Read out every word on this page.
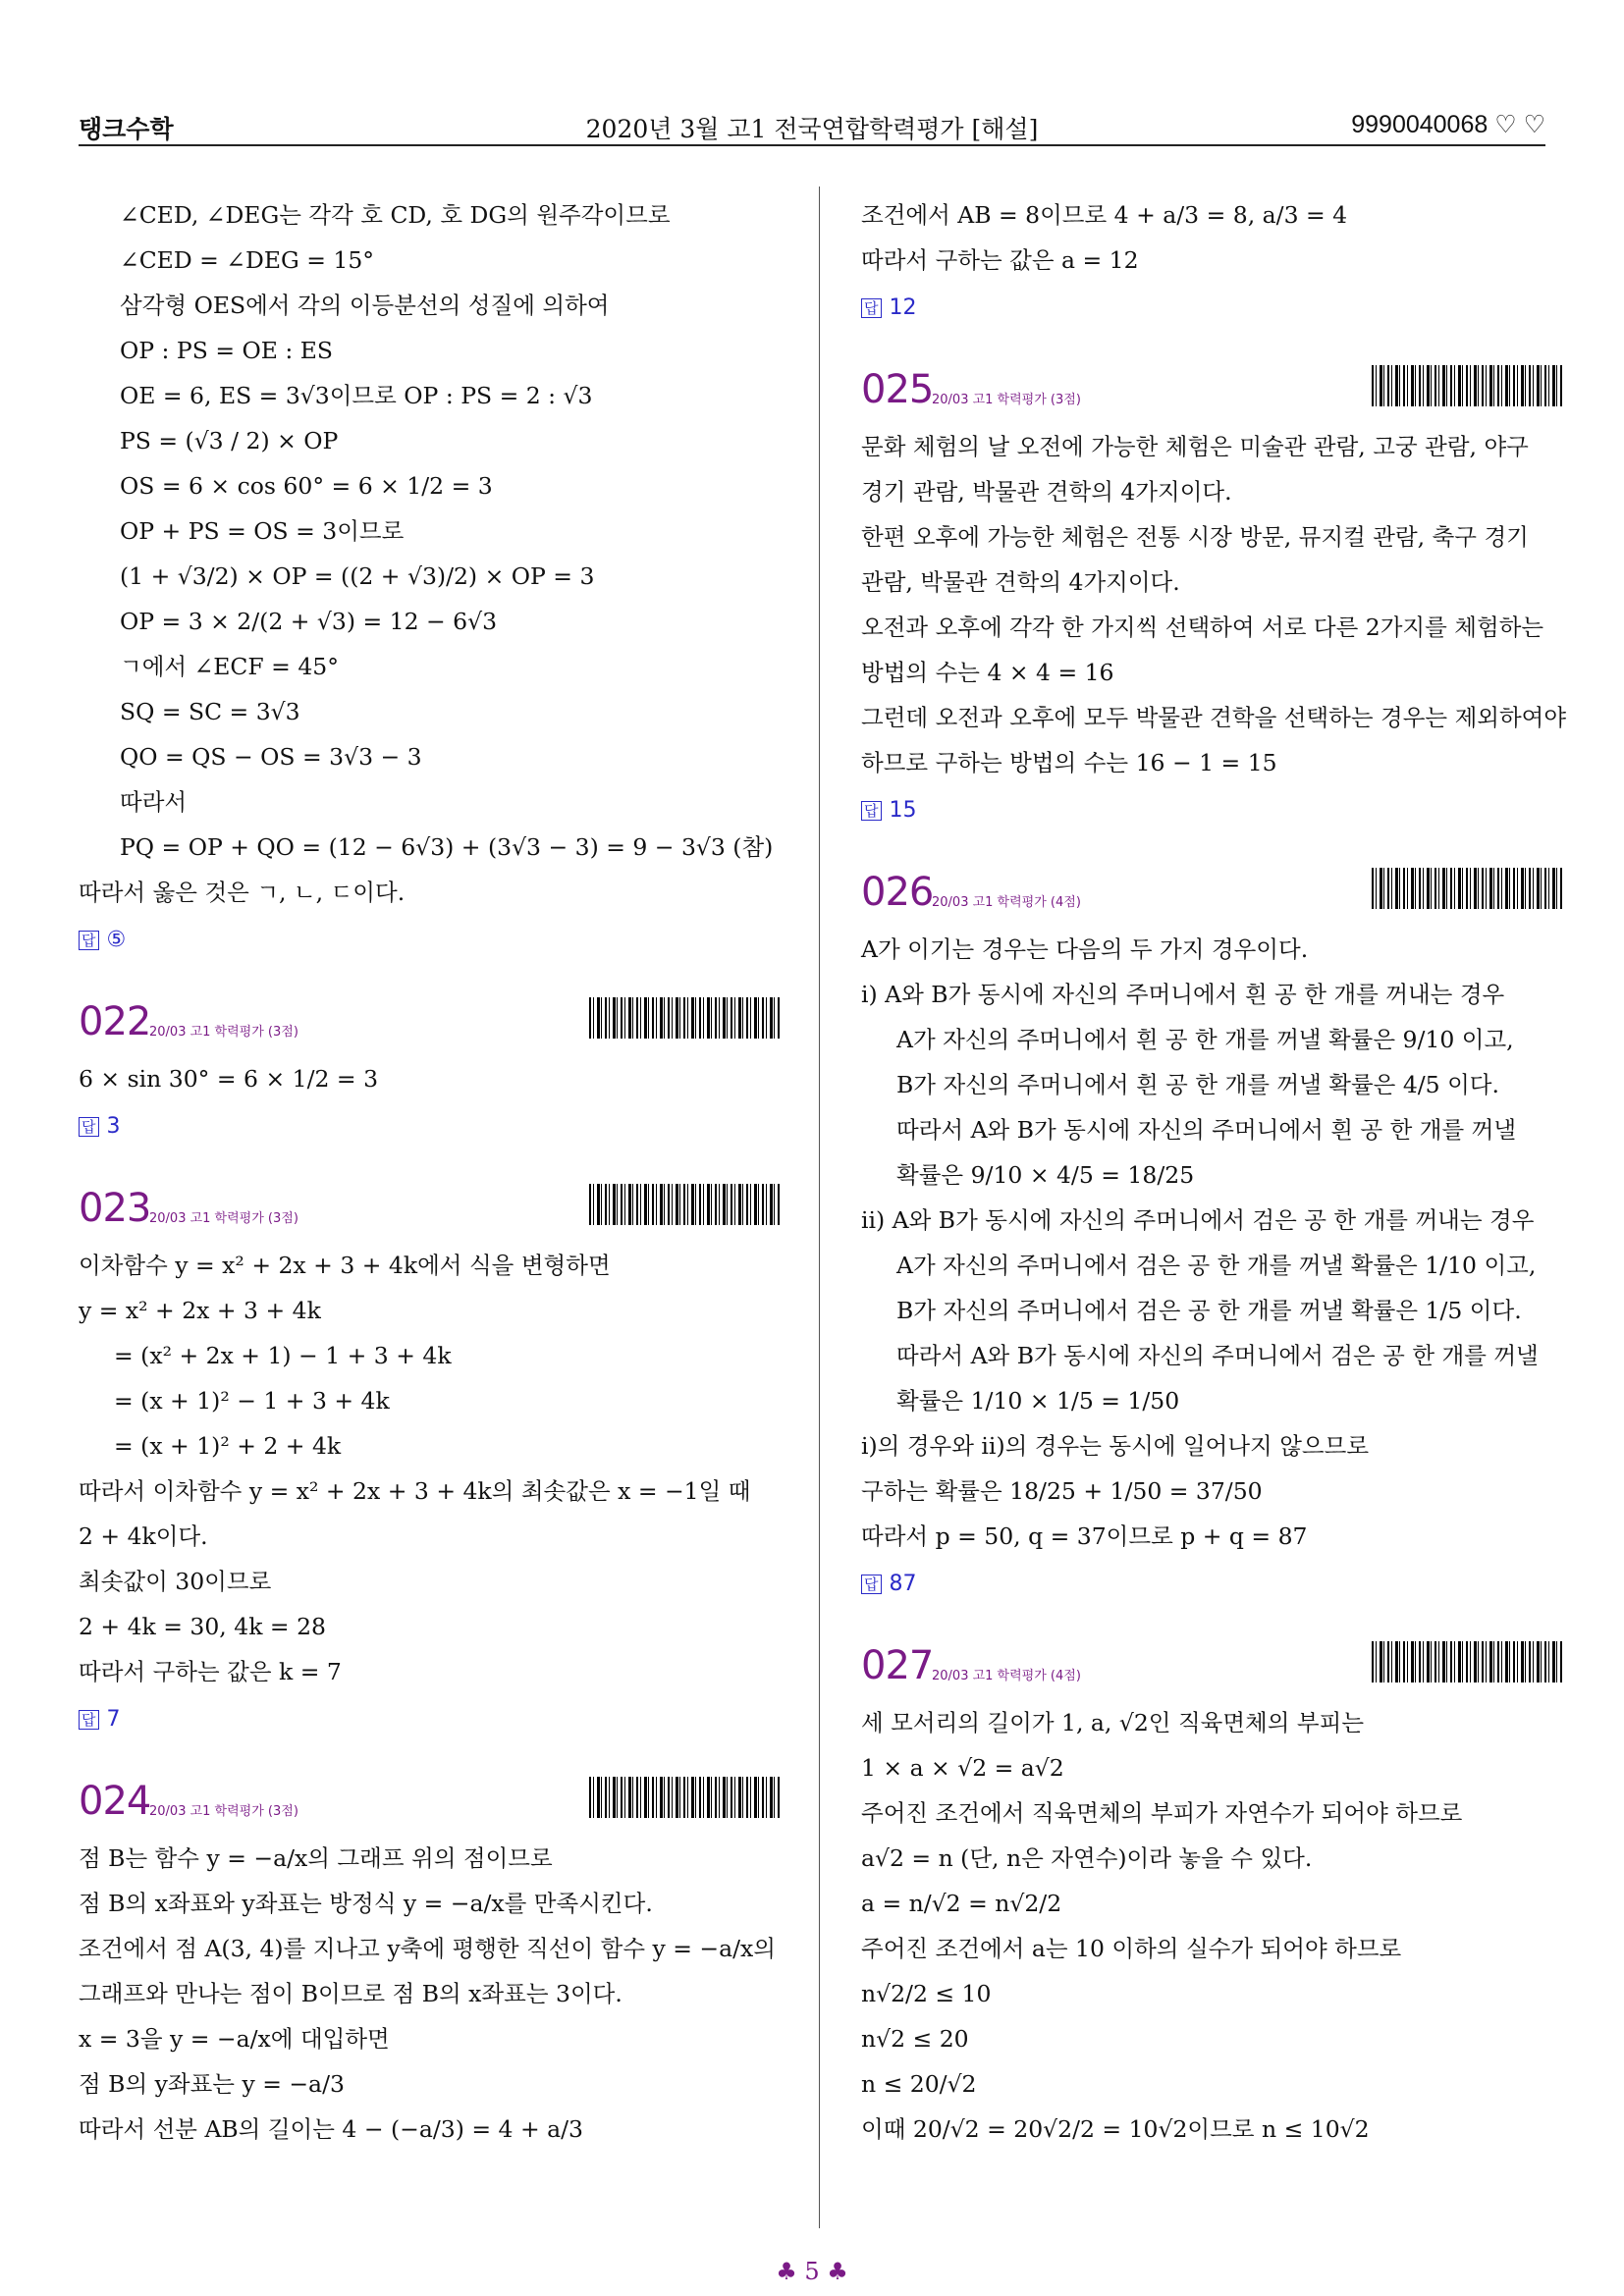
탱크수학	2020년 3월 고1 전국연합학력평가 [해설]	9990040068 ♡ ♡
∠CED, ∠DEG는 각각 호 CD, 호 DG의 원주각이므로
∠CED = ∠DEG = 15°
삼각형 OES에서 각의 이등분선의 성질에 의하여
OP : PS = OE : ES
OE = 6, ES = 3√3이므로 OP : PS = 2 : √3
PS = (√3 / 2) × OP
OS = 6 × cos 60° = 6 × 1/2 = 3
OP + PS = OS = 3이므로
(1 + √3/2) × OP = ((2 + √3)/2) × OP = 3
OP = 3 × 2/(2 + √3) = 12 − 6√3
ㄱ에서 ∠ECF = 45°
SQ = SC = 3√3
QO = QS − OS = 3√3 − 3
따라서
PQ = OP + QO = (12 − 6√3) + (3√3 − 3) = 9 − 3√3 (참)
따라서 옳은 것은 ㄱ, ㄴ, ㄷ이다.
답 ⑤
022
20/03 고1 학력평가 (3점)
6 × sin 30° = 6 × 1/2 = 3
답 3
023
20/03 고1 학력평가 (3점)
이차함수 y = x² + 2x + 3 + 4k에서 식을 변형하면
y = x² + 2x + 3 + 4k
= (x² + 2x + 1) − 1 + 3 + 4k
= (x + 1)² − 1 + 3 + 4k
= (x + 1)² + 2 + 4k
따라서 이차함수 y = x² + 2x + 3 + 4k의 최솟값은 x = −1일 때
2 + 4k이다.
최솟값이 30이므로
2 + 4k = 30, 4k = 28
따라서 구하는 값은 k = 7
답 7
024
20/03 고1 학력평가 (3점)
점 B는 함수 y = −a/x의 그래프 위의 점이므로
점 B의 x좌표와 y좌표는 방정식 y = −a/x를 만족시킨다.
조건에서 점 A(3, 4)를 지나고 y축에 평행한 직선이 함수 y = −a/x의
그래프와 만나는 점이 B이므로 점 B의 x좌표는 3이다.
x = 3을 y = −a/x에 대입하면
점 B의 y좌표는 y = −a/3
따라서 선분 AB의 길이는 4 − (−a/3) = 4 + a/3
조건에서 AB = 8이므로 4 + a/3 = 8, a/3 = 4
따라서 구하는 값은 a = 12
답 12
025
20/03 고1 학력평가 (3점)
문화 체험의 날 오전에 가능한 체험은 미술관 관람, 고궁 관람, 야구
경기 관람, 박물관 견학의 4가지이다.
한편 오후에 가능한 체험은 전통 시장 방문, 뮤지컬 관람, 축구 경기
관람, 박물관 견학의 4가지이다.
오전과 오후에 각각 한 가지씩 선택하여 서로 다른 2가지를 체험하는
방법의 수는 4 × 4 = 16
그런데 오전과 오후에 모두 박물관 견학을 선택하는 경우는 제외하여야
하므로 구하는 방법의 수는 16 − 1 = 15
답 15
026
20/03 고1 학력평가 (4점)
A가 이기는 경우는 다음의 두 가지 경우이다.
ⅰ) A와 B가 동시에 자신의 주머니에서 흰 공 한 개를 꺼내는 경우
A가 자신의 주머니에서 흰 공 한 개를 꺼낼 확률은 9/10 이고,
B가 자신의 주머니에서 흰 공 한 개를 꺼낼 확률은 4/5 이다.
따라서 A와 B가 동시에 자신의 주머니에서 흰 공 한 개를 꺼낼
확률은 9/10 × 4/5 = 18/25
ⅱ) A와 B가 동시에 자신의 주머니에서 검은 공 한 개를 꺼내는 경우
A가 자신의 주머니에서 검은 공 한 개를 꺼낼 확률은 1/10 이고,
B가 자신의 주머니에서 검은 공 한 개를 꺼낼 확률은 1/5 이다.
따라서 A와 B가 동시에 자신의 주머니에서 검은 공 한 개를 꺼낼
확률은 1/10 × 1/5 = 1/50
ⅰ)의 경우와 ⅱ)의 경우는 동시에 일어나지 않으므로
구하는 확률은 18/25 + 1/50 = 37/50
따라서 p = 50, q = 37이므로 p + q = 87
답 87
027
20/03 고1 학력평가 (4점)
세 모서리의 길이가 1, a, √2인 직육면체의 부피는
1 × a × √2 = a√2
주어진 조건에서 직육면체의 부피가 자연수가 되어야 하므로
a√2 = n (단, n은 자연수)이라 놓을 수 있다.
a = n/√2 = n√2/2
주어진 조건에서 a는 10 이하의 실수가 되어야 하므로
n√2/2 ≤ 10
n√2 ≤ 20
n ≤ 20/√2
이때 20/√2 = 20√2/2 = 10√2이므로 n ≤ 10√2
♣ 5 ♣
